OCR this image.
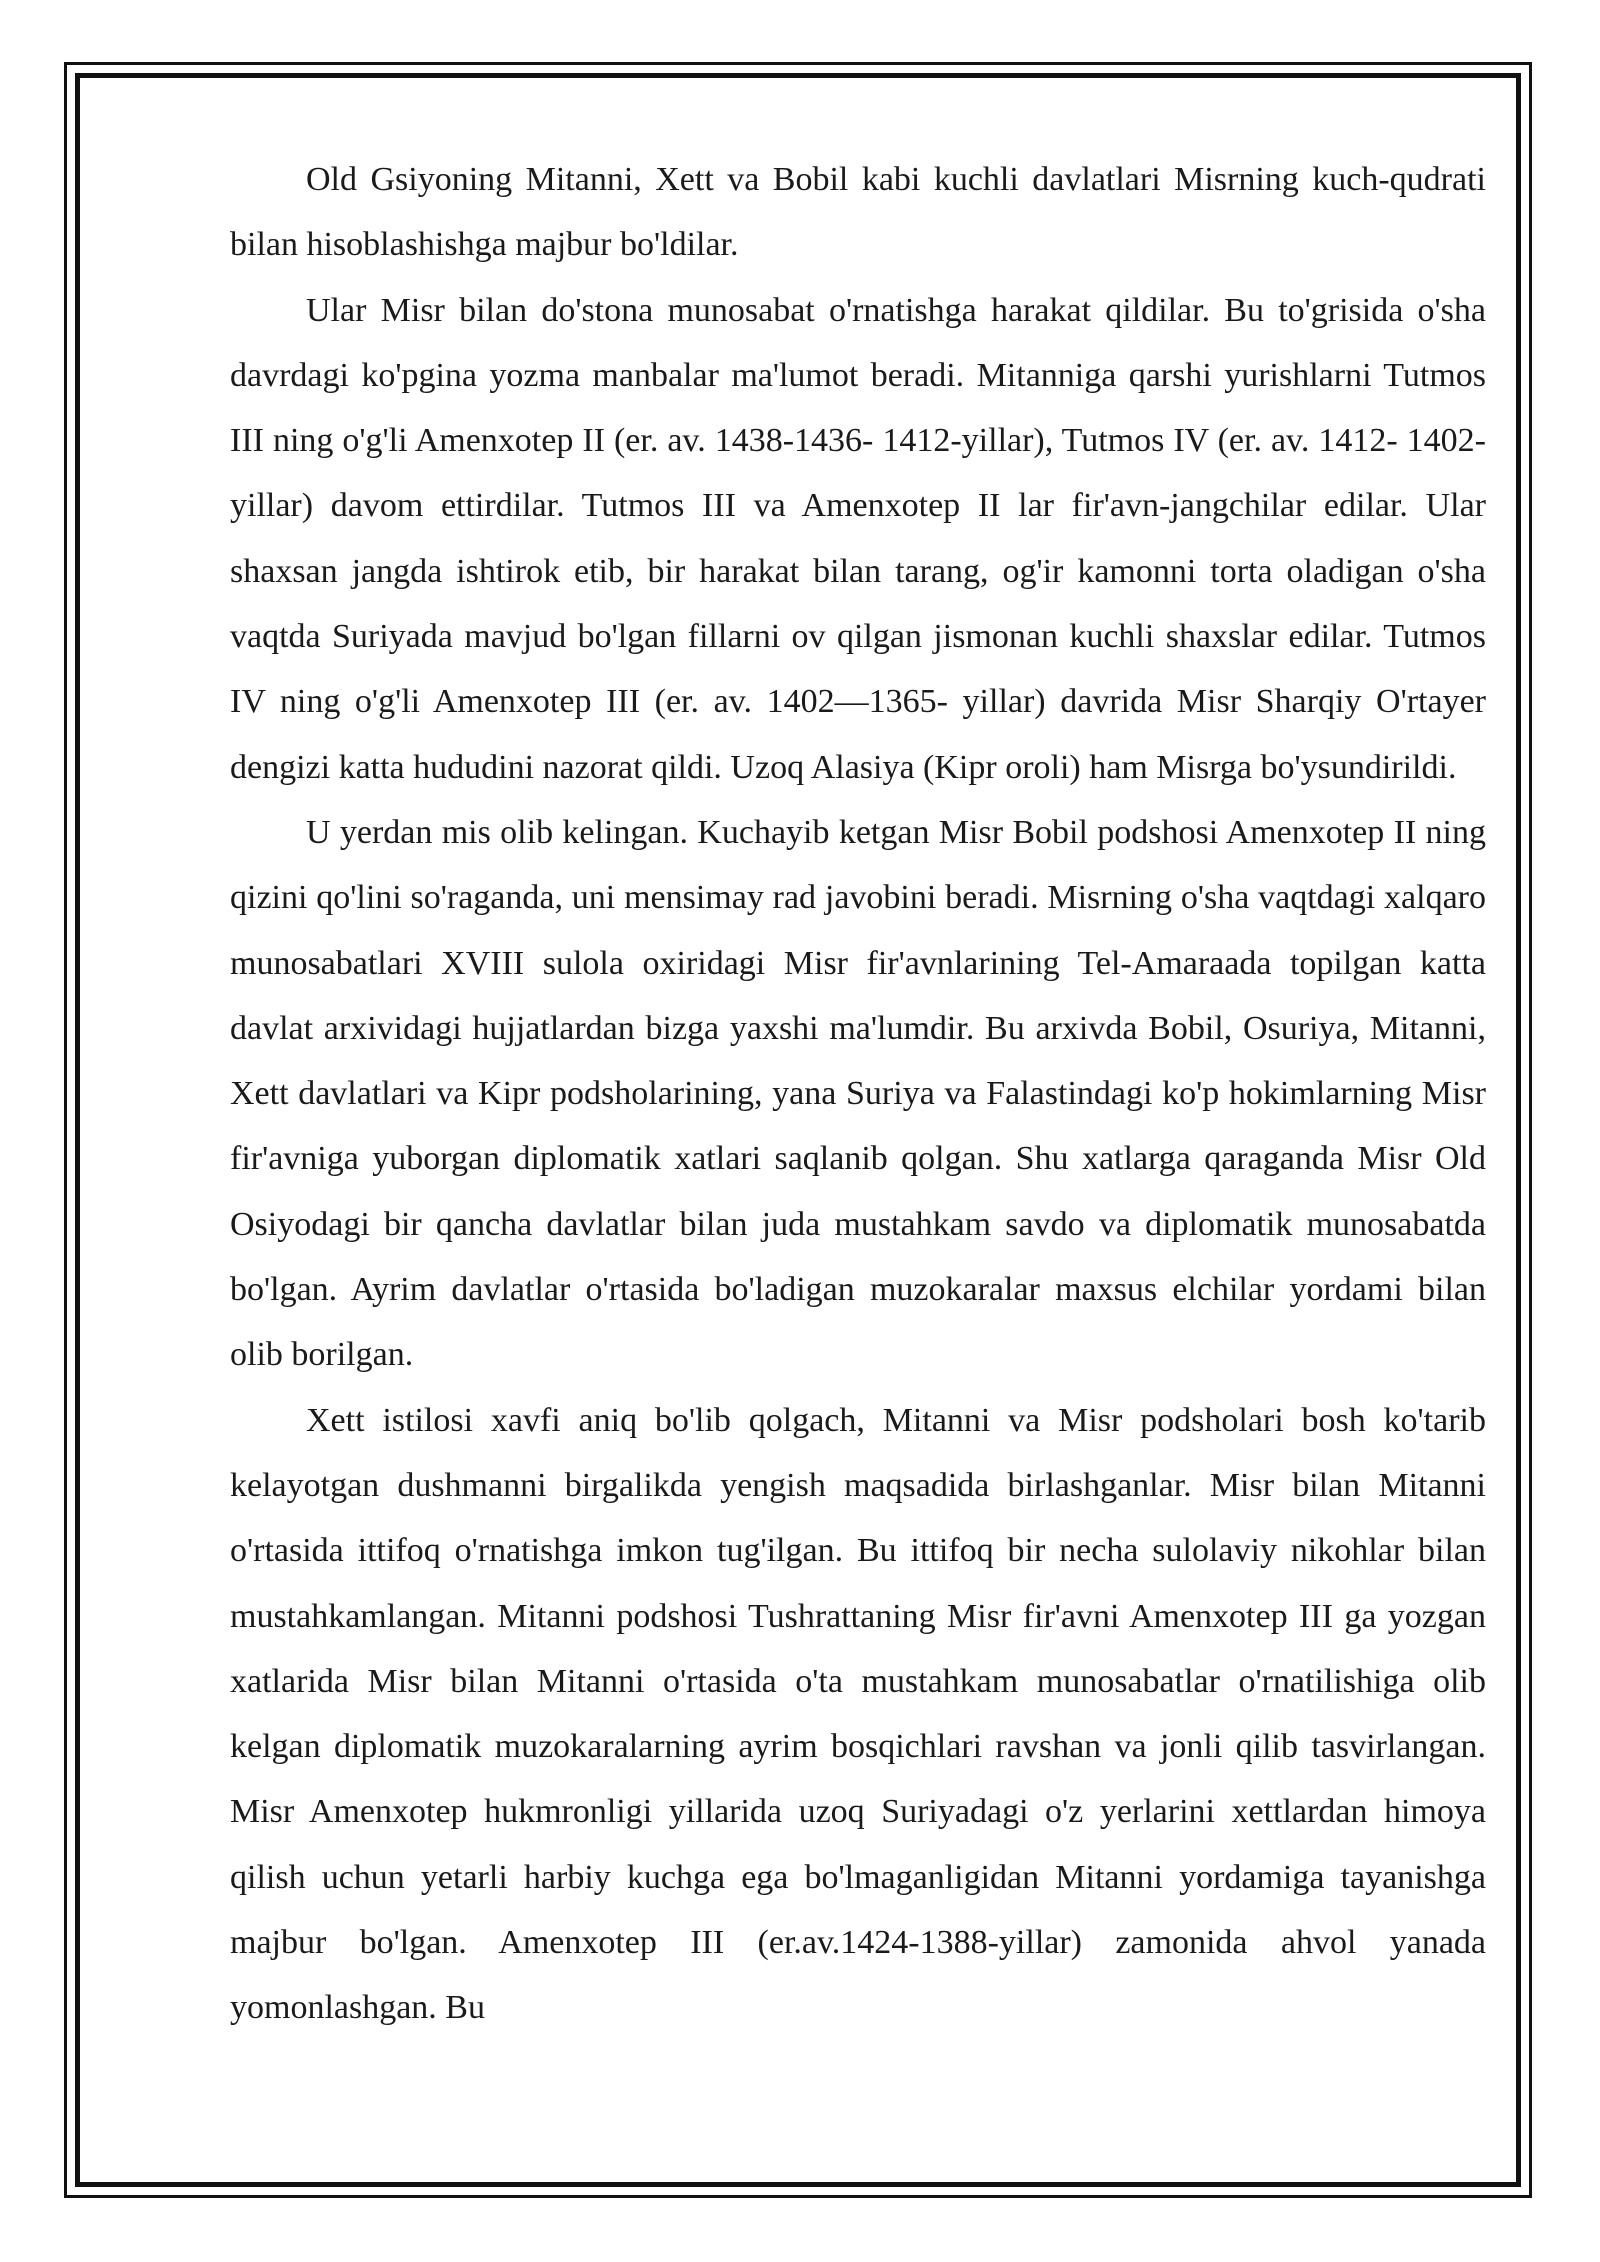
Old Gsiyoning Mitanni, Xett va Bobil kabi kuchli davlatlari Misrning kuch-qudrati bilan hisoblashishga majbur bo'ldilar.

Ular Misr bilan do'stona munosabat o'rnatishga harakat qildilar. Bu to'grisida o'sha davrdagi ko'pgina yozma manbalar ma'lumot beradi. Mitanniga qarshi yurishlarni Tutmos III ning o'g'li Amenxotep II (er. av. 1438-1436- 1412-yillar), Tutmos IV (er. av. 1412- 1402-yillar) davom ettirdilar. Tutmos III va Amenxotep II lar fir'avn-jangchilar edilar. Ular shaxsan jangda ishtirok etib, bir harakat bilan tarang, og'ir kamonni torta oladigan o'sha vaqtda Suriyada mavjud bo'lgan fillarni ov qilgan jismonan kuchli shaxslar edilar. Tutmos IV ning o'g'li Amenxotep III (er. av. 1402—1365- yillar) davrida Misr Sharqiy O'rtayer dengizi katta hududini nazorat qildi. Uzoq Alasiya (Kipr oroli) ham Misrga bo'ysundirildi.

U yerdan mis olib kelingan. Kuchayib ketgan Misr Bobil podshosi Amenxotep II ning qizini qo'lini so'raganda, uni mensimay rad javobini beradi. Misrning o'sha vaqtdagi xalqaro munosabatlari XVIII sulola oxiridagi Misr fir'avnlarining Tel-Amaraada topilgan katta davlat arxividagi hujjatlardan bizga yaxshi ma'lumdir. Bu arxivda Bobil, Osuriya, Mitanni, Xett davlatlari va Kipr podsholarining, yana Suriya va Falastindagi ko'p hokimlarning Misr fir'avniga yuborgan diplomatik xatlari saqlanib qolgan. Shu xatlarga qaraganda Misr Old Osiyodagi bir qancha davlatlar bilan juda mustahkam savdo va diplomatik munosabatda bo'lgan. Ayrim davlatlar o'rtasida bo'ladigan muzokaralar maxsus elchilar yordami bilan olib borilgan.

Xett istilosi xavfi aniq bo'lib qolgach, Mitanni va Misr podsholari bosh ko'tarib kelayotgan dushmanni birgalikda yengish maqsadida birlashganlar. Misr bilan Mitanni o'rtasida ittifoq o'rnatishga imkon tug'ilgan. Bu ittifoq bir necha sulolaviy nikohlar bilan mustahkamlangan. Mitanni podshosi Tushrattaning Misr fir'avni Amenxotep III ga yozgan xatlarida Misr bilan Mitanni o'rtasida o'ta mustahkam munosabatlar o'rnatilishiga olib kelgan diplomatik muzokaralarning ayrim bosqichlari ravshan va jonli qilib tasvirlangan. Misr Amenxotep hukmronligi yillarida uzoq Suriyadagi o'z yerlarini xettlardan himoya qilish uchun yetarli harbiy kuchga ega bo'lmaganligidan Mitanni yordamiga tayanishga majbur bo'lgan. Amenxotep III (er.av.1424-1388-yillar) zamonida ahvol yanada yomonlashgan. Bu
